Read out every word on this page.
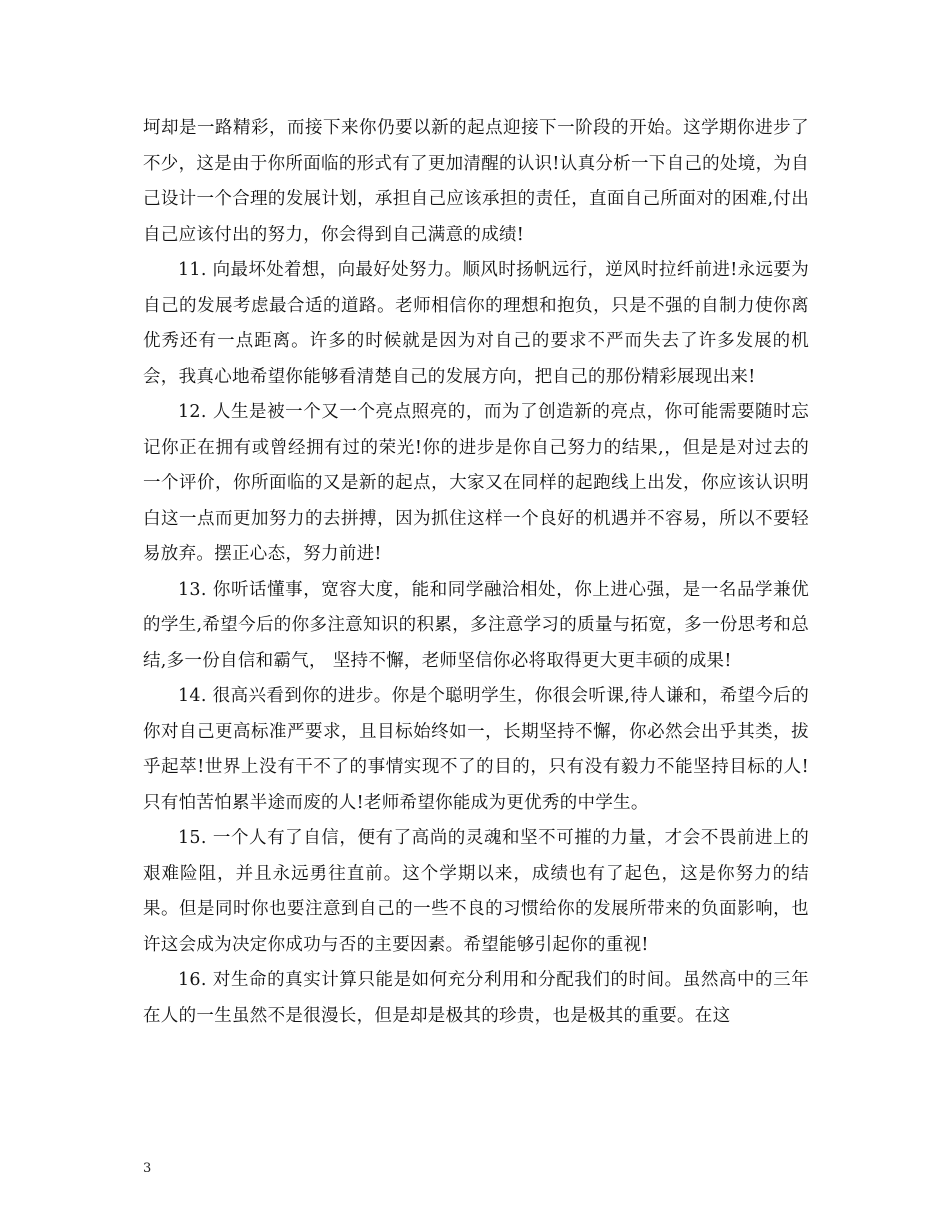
坷却是一路精彩，而接下来你仍要以新的起点迎接下一阶段的开始。这学期你进步了不少，这是由于你所面临的形式有了更加清醒的认识!认真分析一下自己的处境，为自己设计一个合理的发展计划，承担自己应该承担的责任，直面自己所面对的困难,付出自己应该付出的努力，你会得到自己满意的成绩!

11. 向最坏处着想，向最好处努力。顺风时扬帆远行，逆风时拉纤前进!永远要为自己的发展考虑最合适的道路。老师相信你的理想和抱负，只是不强的自制力使你离优秀还有一点距离。许多的时候就是因为对自己的要求不严而失去了许多发展的机会，我真心地希望你能够看清楚自己的发展方向，把自己的那份精彩展现出来!

12. 人生是被一个又一个亮点照亮的，而为了创造新的亮点，你可能需要随时忘记你正在拥有或曾经拥有过的荣光!你的进步是你自己努力的结果,，但是是对过去的一个评价，你所面临的又是新的起点，大家又在同样的起跑线上出发，你应该认识明白这一点而更加努力的去拼搏，因为抓住这样一个良好的机遇并不容易，所以不要轻易放弃。摆正心态，努力前进!

13. 你听话懂事，宽容大度，能和同学融洽相处，你上进心强，是一名品学兼优的学生,希望今后的你多注意知识的积累，多注意学习的质量与拓宽，多一份思考和总结,多一份自信和霸气， 坚持不懈，老师坚信你必将取得更大更丰硕的成果!

14. 很高兴看到你的进步。你是个聪明学生，你很会听课,待人谦和，希望今后的你对自己更高标准严要求，且目标始终如一，长期坚持不懈，你必然会出乎其类，拔乎起萃!世界上没有干不了的事情实现不了的目的，只有没有毅力不能坚持目标的人!只有怕苦怕累半途而废的人!老师希望你能成为更优秀的中学生。

15. 一个人有了自信，便有了高尚的灵魂和坚不可摧的力量，才会不畏前进上的艰难险阻，并且永远勇往直前。这个学期以来，成绩也有了起色，这是你努力的结果。但是同时你也要注意到自己的一些不良的习惯给你的发展所带来的负面影响，也许这会成为决定你成功与否的主要因素。希望能够引起你的重视!

16. 对生命的真实计算只能是如何充分利用和分配我们的时间。虽然高中的三年在人的一生虽然不是很漫长，但是却是极其的珍贵，也是极其的重要。在这

3
